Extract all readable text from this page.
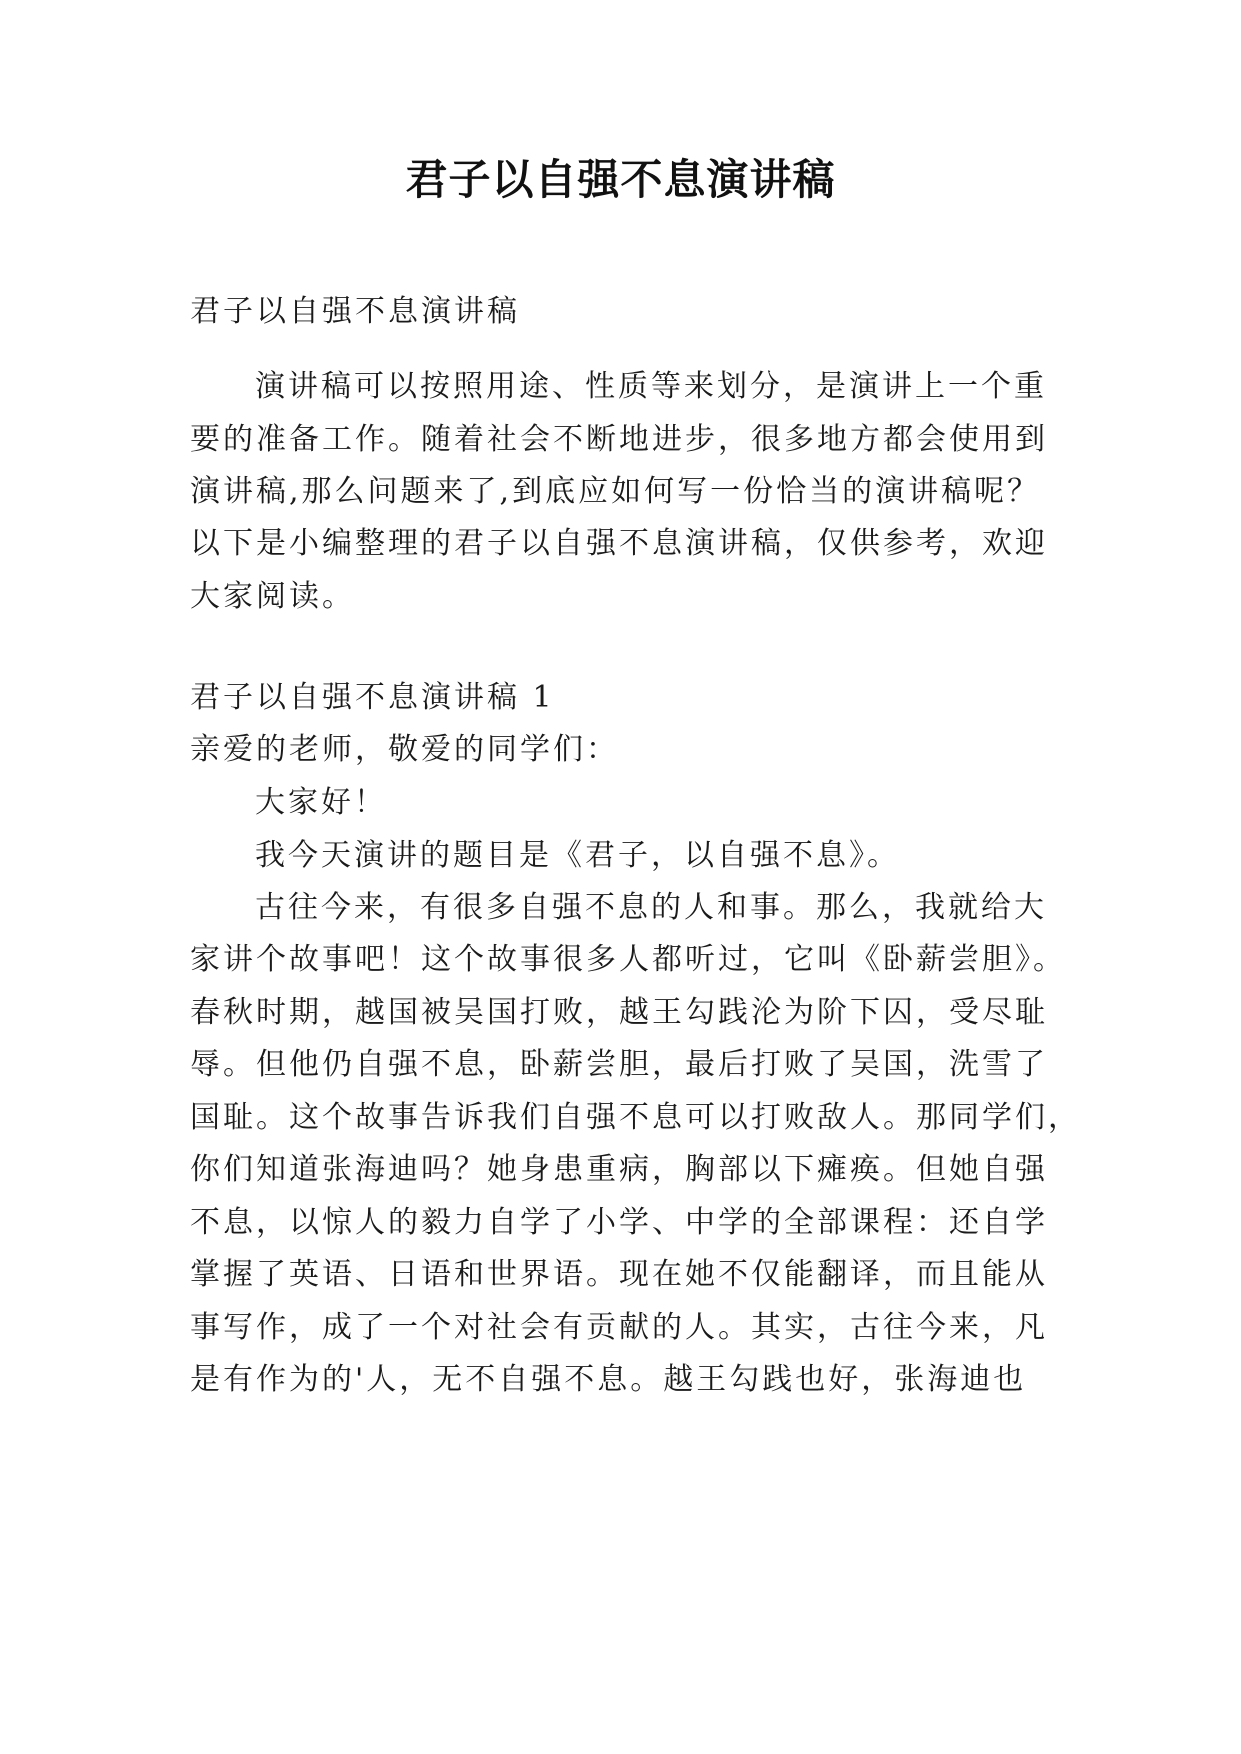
君子以自强不息演讲稿
君子以自强不息演讲稿
演讲稿可以按照用途、性质等来划分，是演讲上一个重
要的准备工作。随着社会不断地进步，很多地方都会使用到
演讲稿,那么问题来了,到底应如何写一份恰当的演讲稿呢？
以下是小编整理的君子以自强不息演讲稿，仅供参考，欢迎
大家阅读。
君子以自强不息演讲稿 1
亲爱的老师，敬爱的同学们：
大家好！
我今天演讲的题目是《君子，以自强不息》。
古往今来，有很多自强不息的人和事。那么，我就给大
家讲个故事吧！这个故事很多人都听过，它叫《卧薪尝胆》。
春秋时期，越国被吴国打败，越王勾践沦为阶下囚，受尽耻
辱。但他仍自强不息，卧薪尝胆，最后打败了吴国，洗雪了
国耻。这个故事告诉我们自强不息可以打败敌人。那同学们，
你们知道张海迪吗？她身患重病，胸部以下瘫痪。但她自强
不息，以惊人的毅力自学了小学、中学的全部课程：还自学
掌握了英语、日语和世界语。现在她不仅能翻译，而且能从
事写作，成了一个对社会有贡献的人。其实，古往今来，凡
是有作为的'人，无不自强不息。越王勾践也好，张海迪也
